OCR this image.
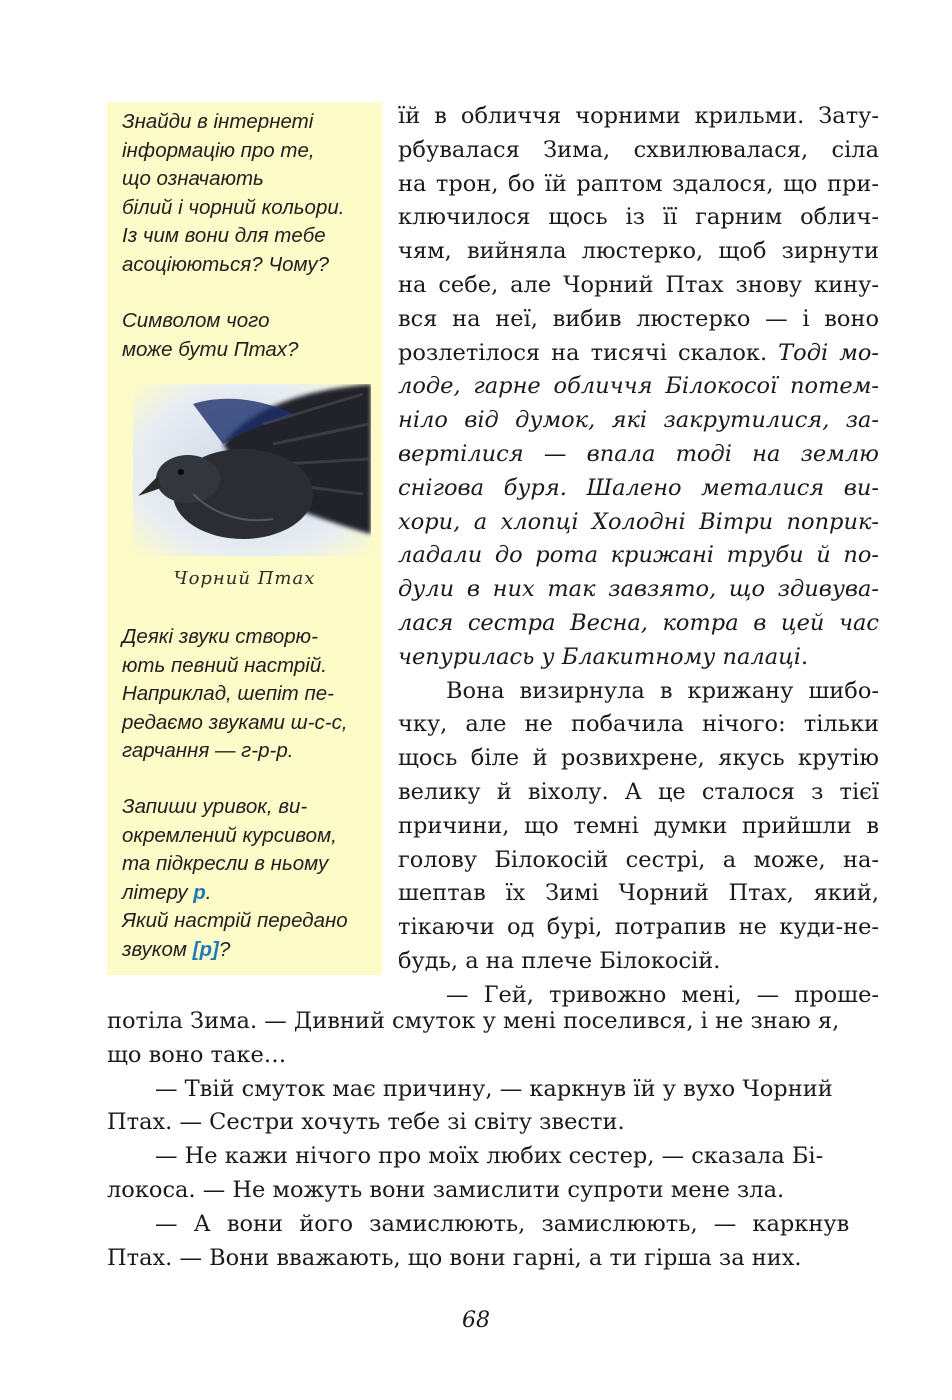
Знайди в інтернеті
інформацію про те,
що означають
білий і чорний кольори.
Із чим вони для тебе
асоціюються? Чому?
Символом чого
може бути Птах?
Чорний Птах
Деякі звуки створю-
ють певний настрій.
Наприклад, шепіт пе-
редаємо звуками ш-с-с,
гарчання — г-р-р.
Запиши уривок, ви-
окремлений курсивом,
та підкресли в ньому
літеру р.
Який настрій передано
звуком [р]?
їй в обличчя чорними крильми. Зату-
рбувалася Зима, схвилювалася, сіла
на трон, бо їй раптом здалося, що при-
ключилося щось із її гарним облич-
чям, вийняла люстерко, щоб зирнути
на себе, але Чорний Птах знову кину-
вся на неї, вибив люстерко — і воно
розлетілося на тисячі скалок. Тоді мо-
лоде, гарне обличчя Білокосої потем-
ніло від думок, які закрутилися, за-
вертілися — впала тоді на землю
снігова буря. Шалено металися ви-
хори, а хлопці Холодні Вітри поприк-
ладали до рота крижані труби й по-
дули в них так завзято, що здивува-
лася сестра Весна, котра в цей час
чепурилась у Блакитному палаці.
Вона визирнула в крижану шибо-
чку, але не побачила нічого: тільки
щось біле й розвихрене, якусь крутію
велику й віхолу. А це сталося з тієї
причини, що темні думки прийшли в
голову Білокосій сестрі, а може, на-
шептав їх Зимі Чорний Птах, який,
тікаючи од бурі, потрапив не куди-не-
будь, а на плече Білокосій.
— Гей, тривожно мені, — проше-
потіла Зима. — Дивний смуток у мені поселився, і не знаю я,
що воно таке…
— Твій смуток має причину, — каркнув їй у вухо Чорний
Птах. — Сестри хочуть тебе зі світу звести.
— Не кажи нічого про моїх любих сестер, — сказала Бі-
локоса. — Не можуть вони замислити супроти мене зла.
— А вони його замислюють, замислюють, — каркнув
Птах. — Вони вважають, що вони гарні, а ти гірша за них.
68
